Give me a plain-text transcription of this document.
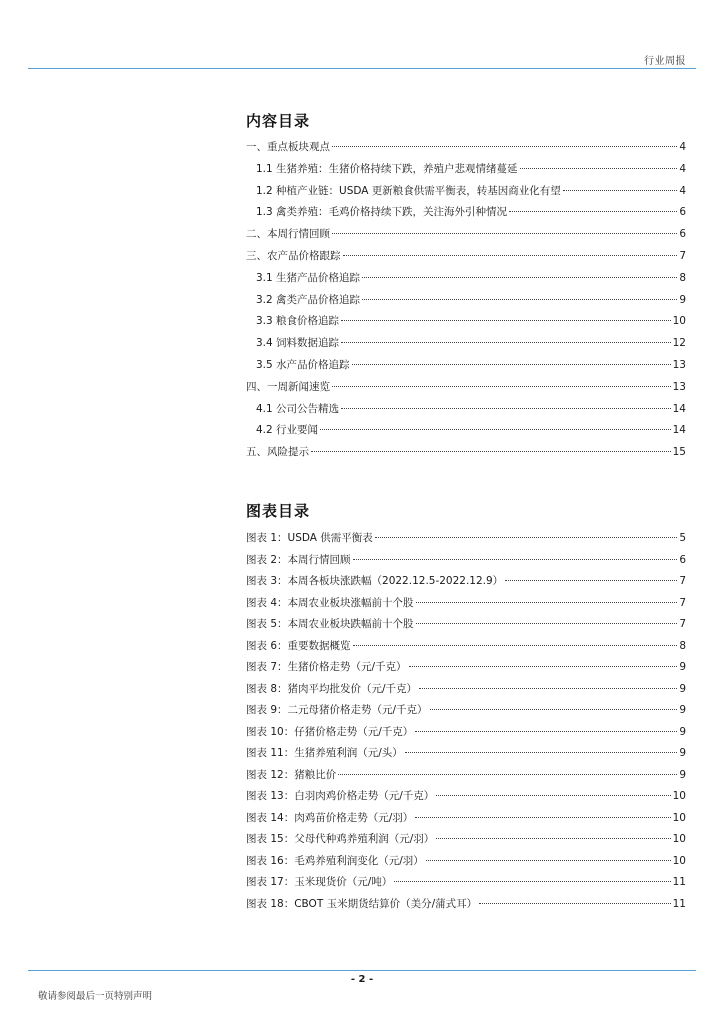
行业周报
内容目录
一、重点板块观点	4
1.1 生猪养殖：生猪价格持续下跌，养殖户悲观情绪蔓延	4
1.2 种植产业链：USDA 更新粮食供需平衡表，转基因商业化有望	4
1.3 禽类养殖：毛鸡价格持续下跌，关注海外引种情况	6
二、本周行情回顾	6
三、农产品价格跟踪	7
3.1 生猪产品价格追踪	8
3.2 禽类产品价格追踪	9
3.3 粮食价格追踪	10
3.4 饲料数据追踪	12
3.5 水产品价格追踪	13
四、一周新闻速览	13
4.1 公司公告精选	14
4.2 行业要闻	14
五、风险提示	15
图表目录
图表 1：USDA 供需平衡表	5
图表 2：本周行情回顾	6
图表 3：本周各板块涨跌幅（2022.12.5-2022.12.9）	7
图表 4：本周农业板块涨幅前十个股	7
图表 5：本周农业板块跌幅前十个股	7
图表 6：重要数据概览	8
图表 7：生猪价格走势（元/千克）	9
图表 8：猪肉平均批发价（元/千克）	9
图表 9：二元母猪价格走势（元/千克）	9
图表 10：仔猪价格走势（元/千克）	9
图表 11：生猪养殖利润（元/头）	9
图表 12：猪粮比价	9
图表 13：白羽肉鸡价格走势（元/千克）	10
图表 14：肉鸡苗价格走势（元/羽）	10
图表 15：父母代种鸡养殖利润（元/羽）	10
图表 16：毛鸡养殖利润变化（元/羽）	10
图表 17：玉米现货价（元/吨）	11
图表 18：CBOT 玉米期货结算价（美分/蒲式耳）	11
- 2 -
敬请参阅最后一页特别声明
